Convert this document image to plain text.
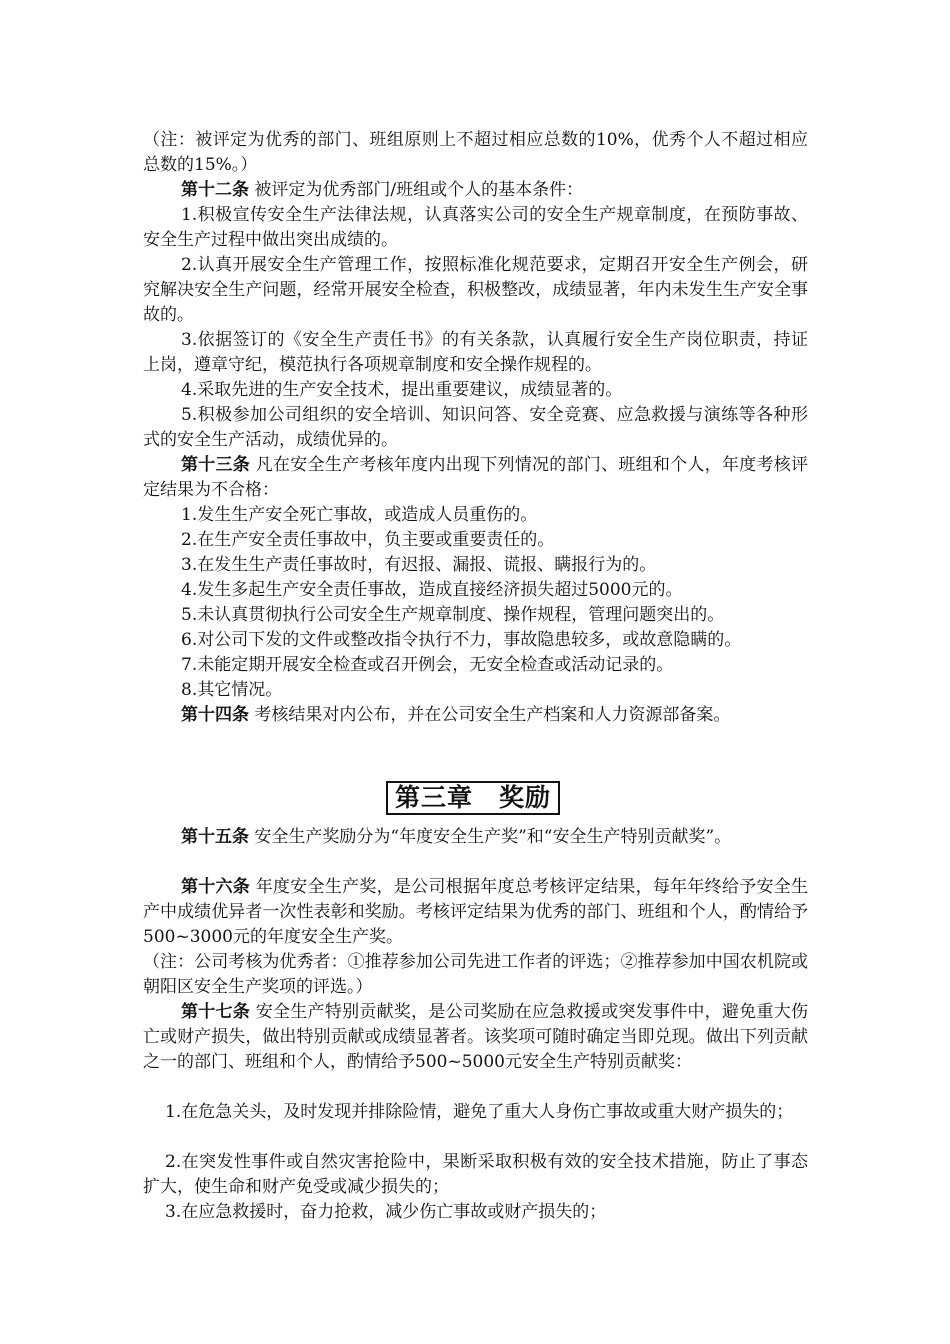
（注：被评定为优秀的部门、班组原则上不超过相应总数的10%，优秀个人不超过相应总数的15%。）

第十二条 被评定为优秀部门/班组或个人的基本条件：

1.积极宣传安全生产法律法规，认真落实公司的安全生产规章制度，在预防事故、安全生产过程中做出突出成绩的。

2.认真开展安全生产管理工作，按照标准化规范要求，定期召开安全生产例会，研究解决安全生产问题，经常开展安全检查，积极整改，成绩显著，年内未发生生产安全事故的。

3.依据签订的《安全生产责任书》的有关条款，认真履行安全生产岗位职责，持证上岗，遵章守纪，模范执行各项规章制度和安全操作规程的。

4.采取先进的生产安全技术，提出重要建议，成绩显著的。

5.积极参加公司组织的安全培训、知识问答、安全竞赛、应急救援与演练等各种形式的安全生产活动，成绩优异的。

第十三条 凡在安全生产考核年度内出现下列情况的部门、班组和个人，年度考核评定结果为不合格：

1.发生生产安全死亡事故，或造成人员重伤的。

2.在生产安全责任事故中，负主要或重要责任的。

3.在发生生产责任事故时，有迟报、漏报、谎报、瞒报行为的。

4.发生多起生产安全责任事故，造成直接经济损失超过5000元的。

5.未认真贯彻执行公司安全生产规章制度、操作规程，管理问题突出的。

6.对公司下发的文件或整改指令执行不力，事故隐患较多，或故意隐瞒的。

7.未能定期开展安全检查或召开例会，无安全检查或活动记录的。

8.其它情况。

第十四条 考核结果对内公布，并在公司安全生产档案和人力资源部备案。

第三章　奖励

第十五条 安全生产奖励分为“年度安全生产奖”和“安全生产特别贡献奖”。

第十六条 年度安全生产奖，是公司根据年度总考核评定结果，每年年终给予安全生产中成绩优异者一次性表彰和奖励。考核评定结果为优秀的部门、班组和个人，酌情给予500~3000元的年度安全生产奖。

（注：公司考核为优秀者：①推荐参加公司先进工作者的评选；②推荐参加中国农机院或朝阳区安全生产奖项的评选。）

第十七条 安全生产特别贡献奖，是公司奖励在应急救援或突发事件中，避免重大伤亡或财产损失，做出特别贡献或成绩显著者。该奖项可随时确定当即兑现。做出下列贡献之一的部门、班组和个人，酌情给予500~5000元安全生产特别贡献奖：

1.在危急关头，及时发现并排除险情，避免了重大人身伤亡事故或重大财产损失的；

2.在突发性事件或自然灾害抢险中，果断采取积极有效的安全技术措施，防止了事态扩大，使生命和财产免受或减少损失的；

3.在应急救援时，奋力抢救，减少伤亡事故或财产损失的；
